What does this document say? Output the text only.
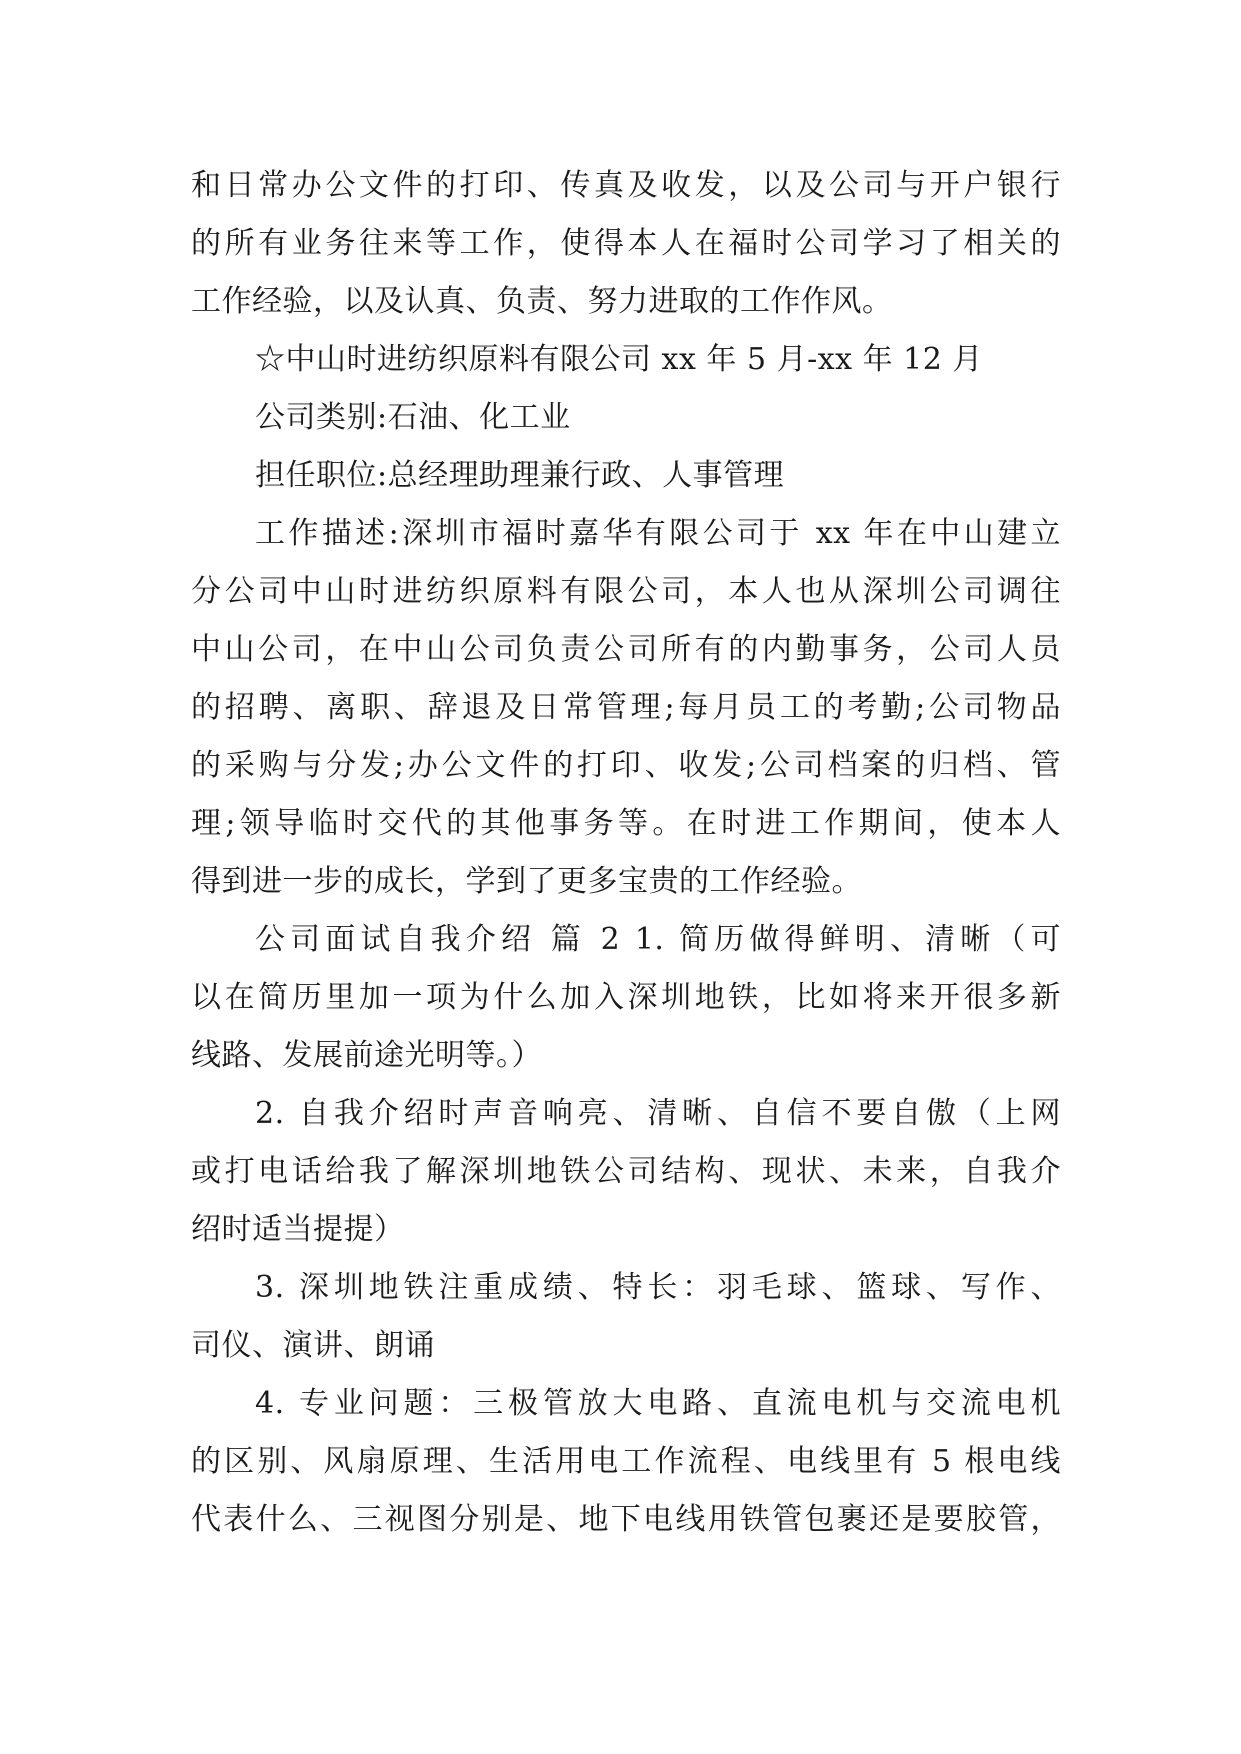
和日常办公文件的打印、传真及收发，以及公司与开户银行
的所有业务往来等工作，使得本人在福时公司学习了相关的
工作经验，以及认真、负责、努力进取的工作作风。
☆中山时进纺织原料有限公司 xx 年 5 月-xx 年 12 月
公司类别:石油、化工业
担任职位:总经理助理兼行政、人事管理
工作描述:深圳市福时嘉华有限公司于 xx 年在中山建立
分公司中山时进纺织原料有限公司，本人也从深圳公司调往
中山公司，在中山公司负责公司所有的内勤事务，公司人员
的招聘、离职、辞退及日常管理;每月员工的考勤;公司物品
的采购与分发;办公文件的打印、收发;公司档案的归档、管
理;领导临时交代的其他事务等。在时进工作期间，使本人
得到进一步的成长，学到了更多宝贵的工作经验。
公司面试自我介绍 篇 2 1. 简历做得鲜明、清晰（可
以在简历里加一项为什么加入深圳地铁，比如将来开很多新
线路、发展前途光明等。）
2. 自我介绍时声音响亮、清晰、自信不要自傲（上网
或打电话给我了解深圳地铁公司结构、现状、未来，自我介
绍时适当提提）
3. 深圳地铁注重成绩、特长：羽毛球、篮球、写作、
司仪、演讲、朗诵
4. 专业问题：三极管放大电路、直流电机与交流电机
的区别、风扇原理、生活用电工作流程、电线里有 5 根电线
代表什么、三视图分别是、地下电线用铁管包裹还是要胶管，
